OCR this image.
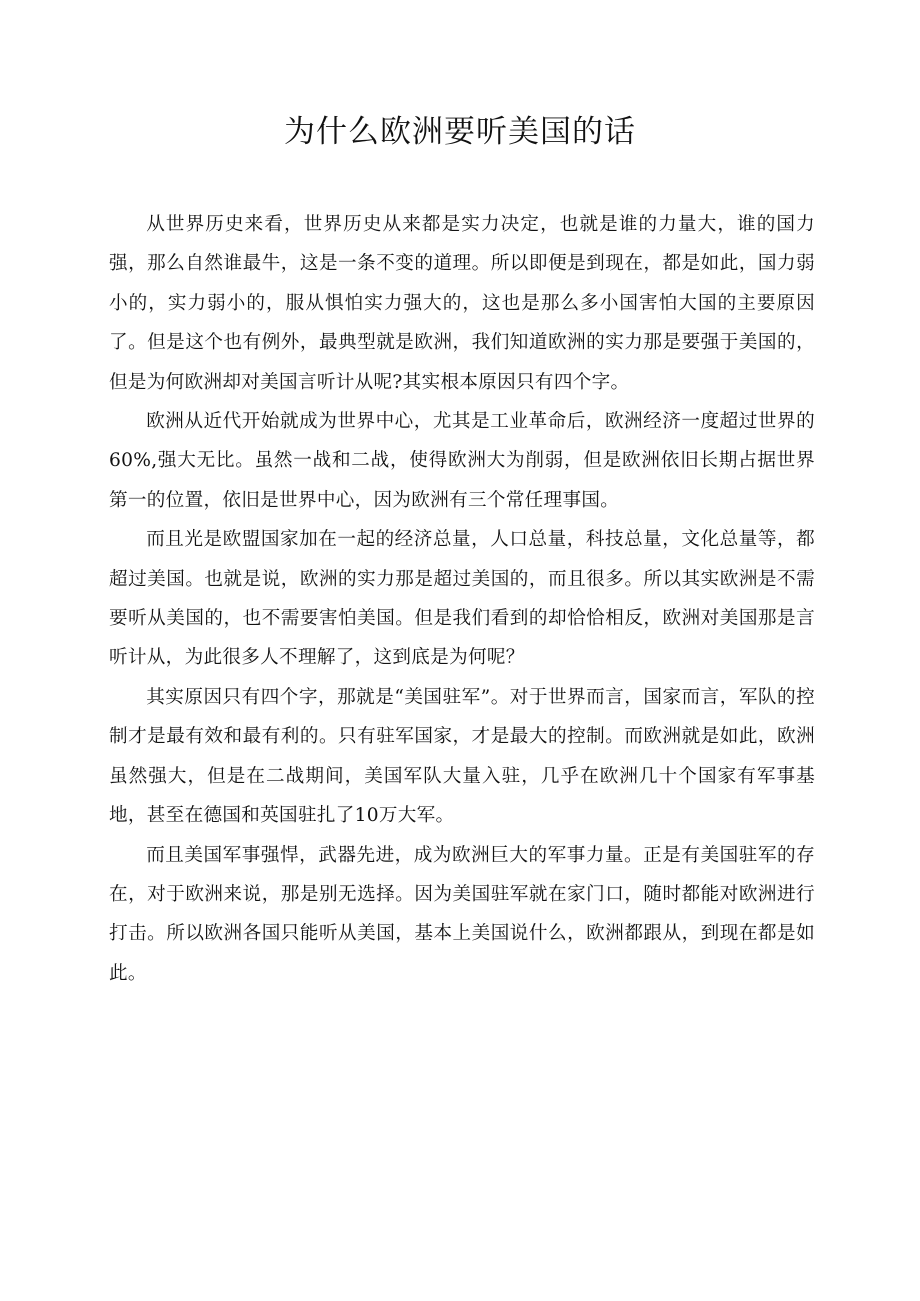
为什么欧洲要听美国的话

从世界历史来看，世界历史从来都是实力决定，也就是谁的力量大，谁的国力强，那么自然谁最牛，这是一条不变的道理。所以即便是到现在，都是如此，国力弱小的，实力弱小的，服从惧怕实力强大的，这也是那么多小国害怕大国的主要原因了。但是这个也有例外，最典型就是欧洲，我们知道欧洲的实力那是要强于美国的，但是为何欧洲却对美国言听计从呢?其实根本原因只有四个字。

欧洲从近代开始就成为世界中心，尤其是工业革命后，欧洲经济一度超过世界的60%,强大无比。虽然一战和二战，使得欧洲大为削弱，但是欧洲依旧长期占据世界第一的位置，依旧是世界中心，因为欧洲有三个常任理事国。

而且光是欧盟国家加在一起的经济总量，人口总量，科技总量，文化总量等，都超过美国。也就是说，欧洲的实力那是超过美国的，而且很多。所以其实欧洲是不需要听从美国的，也不需要害怕美国。但是我们看到的却恰恰相反，欧洲对美国那是言听计从，为此很多人不理解了，这到底是为何呢？

其实原因只有四个字，那就是“美国驻军”。对于世界而言，国家而言，军队的控制才是最有效和最有利的。只有驻军国家，才是最大的控制。而欧洲就是如此，欧洲虽然强大，但是在二战期间，美国军队大量入驻，几乎在欧洲几十个国家有军事基地，甚至在德国和英国驻扎了10万大军。

而且美国军事强悍，武器先进，成为欧洲巨大的军事力量。正是有美国驻军的存在，对于欧洲来说，那是别无选择。因为美国驻军就在家门口，随时都能对欧洲进行打击。所以欧洲各国只能听从美国，基本上美国说什么，欧洲都跟从，到现在都是如此。
